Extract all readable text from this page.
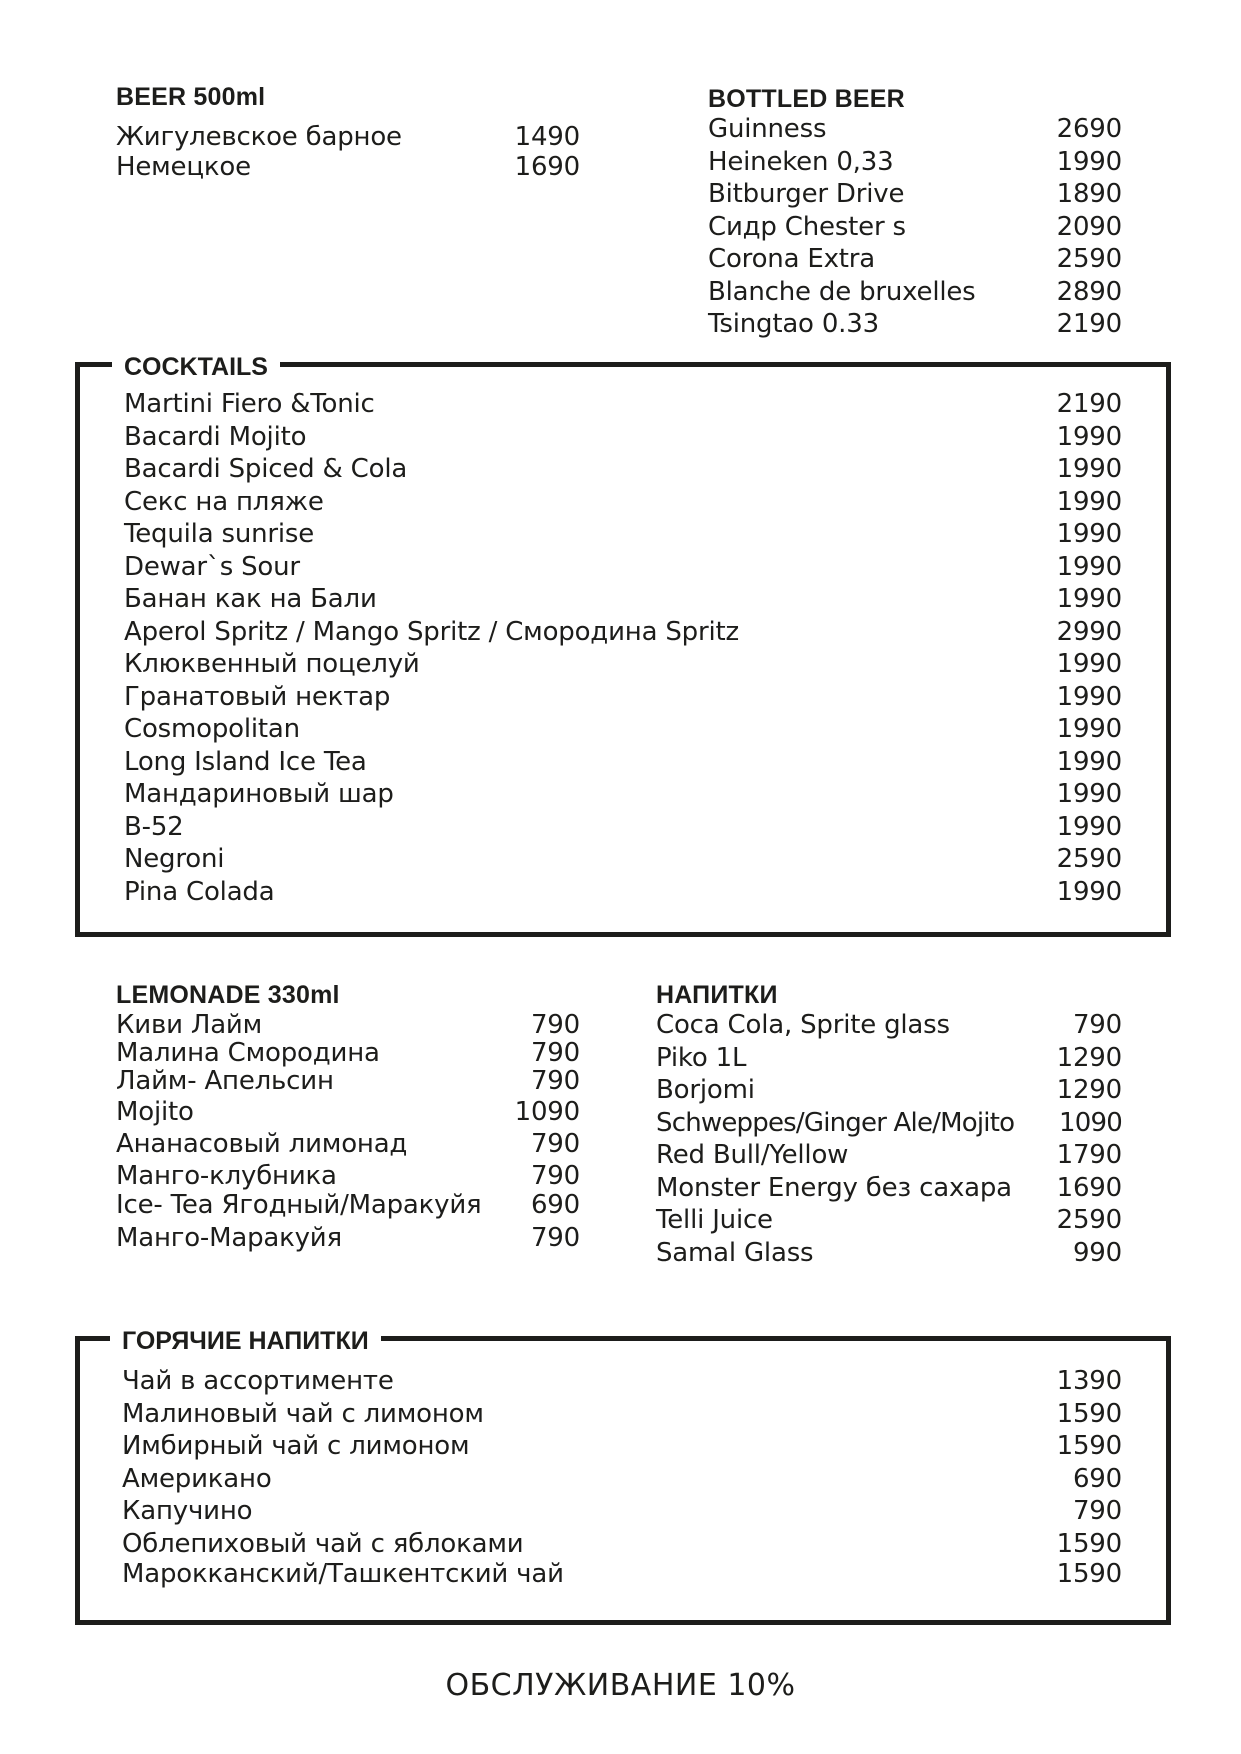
BEER 500ml
Жигулевское барное	1490
Немецкое	1690
BOTTLED BEER
Guinness	2690
Heineken 0,33	1990
Bitburger Drive	1890
Сидр Chester s	2090
Corona Extra	2590
Blanche de bruxelles	2890
Tsingtao 0.33	2190
COCKTAILS
Martini Fiero &Tonic	2190
Bacardi Mojito	1990
Bacardi Spiced & Cola	1990
Секс на пляже	1990
Tequila sunrise	1990
Dewar`s Sour	1990
Банан как на Бали	1990
Aperol Spritz / Mango Spritz / Смородина Spritz	2990
Клюквенный поцелуй	1990
Гранатовый нектар	1990
Cosmopolitan	1990
Long Island Ice Tea	1990
Мандариновый шар	1990
B-52	1990
Negroni	2590
Pina Colada	1990
LEMONADE 330ml
Киви Лайм	790
Малина Смородина	790
Лайм- Апельсин	790
Mojito	1090
Ананасовый лимонад	790
Манго-клубника	790
Ice- Tea Ягодный/Маракуйя 690
Манго-Маракуйя	790
НАПИТКИ
Coca Cola, Sprite glass	790
Piko 1L	1290
Borjomi	1290
Schweppes/Ginger Ale/Mojito 1090
Red Bull/Yellow	1790
Monster Energy без сахара 1690
Telli Juice	2590
Samal Glass	990
ГОРЯЧИЕ НАПИТКИ
Чай в ассортименте	1390
Малиновый чай с лимоном	1590
Имбирный чай с лимоном	1590
Американо	690
Капучино	790
Облепиховый чай с яблоками	1590
Марокканский/Ташкентский чай	1590
ОБСЛУЖИВАНИЕ 10%
